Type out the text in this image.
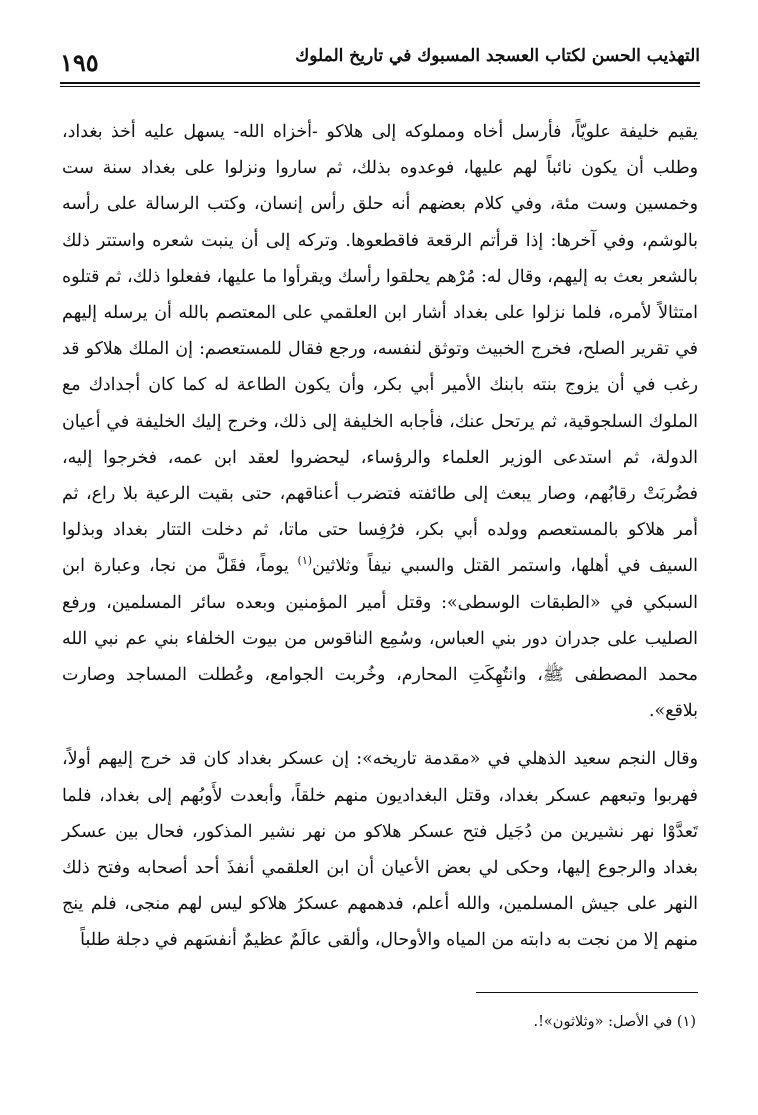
١٩٥	التهذيب الحسن لكتاب العسجد المسبوك في تاريخ الملوك

يقيم خليفة علويّاً، فأرسل أخاه ومملوكه إلى هلاكو -أخزاه الله- يسهل عليه أخذ بغداد، وطلب أن يكون نائباً لهم عليها، فوعدوه بذلك، ثم ساروا ونزلوا على بغداد سنة ست وخمسين وست مئة، وفي كلام بعضهم أنه حلق رأس إنسان، وكتب الرسالة على رأسه بالوشم، وفي آخرها: إذا قرأتم الرقعة فاقطعوها. وتركه إلى أن ينبت شعره واستتر ذلك بالشعر بعث به إليهم، وقال له: مُرْهم يحلقوا رأسك ويقرأوا ما عليها، ففعلوا ذلك، ثم قتلوه امتثالاً لأمره، فلما نزلوا على بغداد أشار ابن العلقمي على المعتصم بالله أن يرسله إليهم في تقرير الصلح، فخرج الخبيث وتوثق لنفسه، ورجع فقال للمستعصم: إن الملك هلاكو قد رغب في أن يزوج بنته بابنك الأمير أبي بكر، وأن يكون الطاعة له كما كان أجدادك مع الملوك السلجوقية، ثم يرتحل عنك، فأجابه الخليفة إلى ذلك، وخرج إليك الخليفة في أعيان الدولة، ثم استدعى الوزير العلماء والرؤساء، ليحضروا لعقد ابن عمه، فخرجوا إليه، فضُربَتْ رقابُهم، وصار يبعث إلى طائفته فتضرب أعناقهم، حتى بقيت الرعية بلا راع، ثم أمر هلاكو بالمستعصم وولده أبي بكر، فرُفِسا حتى ماتا، ثم دخلت التتار بغداد وبذلوا السيف في أهلها، واستمر القتل والسبي نيفاً وثلاثين$^{(١)}$ يوماً، فقَلَّ من نجا، وعبارة ابن السبكي في «الطبقات الوسطى»: وقتل أمير المؤمنين وبعده سائر المسلمين، ورفع الصليب على جدران دور بني العباس، وسُمِع الناقوس من بيوت الخلفاء بني عم نبي الله محمد المصطفى ﷺ، وانتُهِكَتِ المحارم، وخُربت الجوامع، وعُطلت المساجد وصارت بلاقع».

وقال النجم سعيد الذهلي في «مقدمة تاريخه»: إن عسكر بغداد كان قد خرج إليهم أولاً، فهربوا وتبعهم عسكر بغداد، وقتل البغداديون منهم خلقاً، وأبعدت لأَوبُهم إلى بغداد، فلما تَعدَّوْا نهر نشيرين من دُجَيل فتح عسكر هلاكو من نهر نشير المذكور، فحال بين عسكر بغداد والرجوع إليها، وحكى لي بعض الأعيان أن ابن العلقمي أنفذَ أحد أصحابه وفتح ذلك النهر على جيش المسلمين، والله أعلم، فدهمهم عسكرُ هلاكو ليس لهم منجى، فلم ينج منهم إلا من نجت به دابته من المياه والأوحال، وألقى عالَمٌ عظيمٌ أنفسَهم في دجلة طلباً

(١) في الأصل: «وثلاثون»!.
